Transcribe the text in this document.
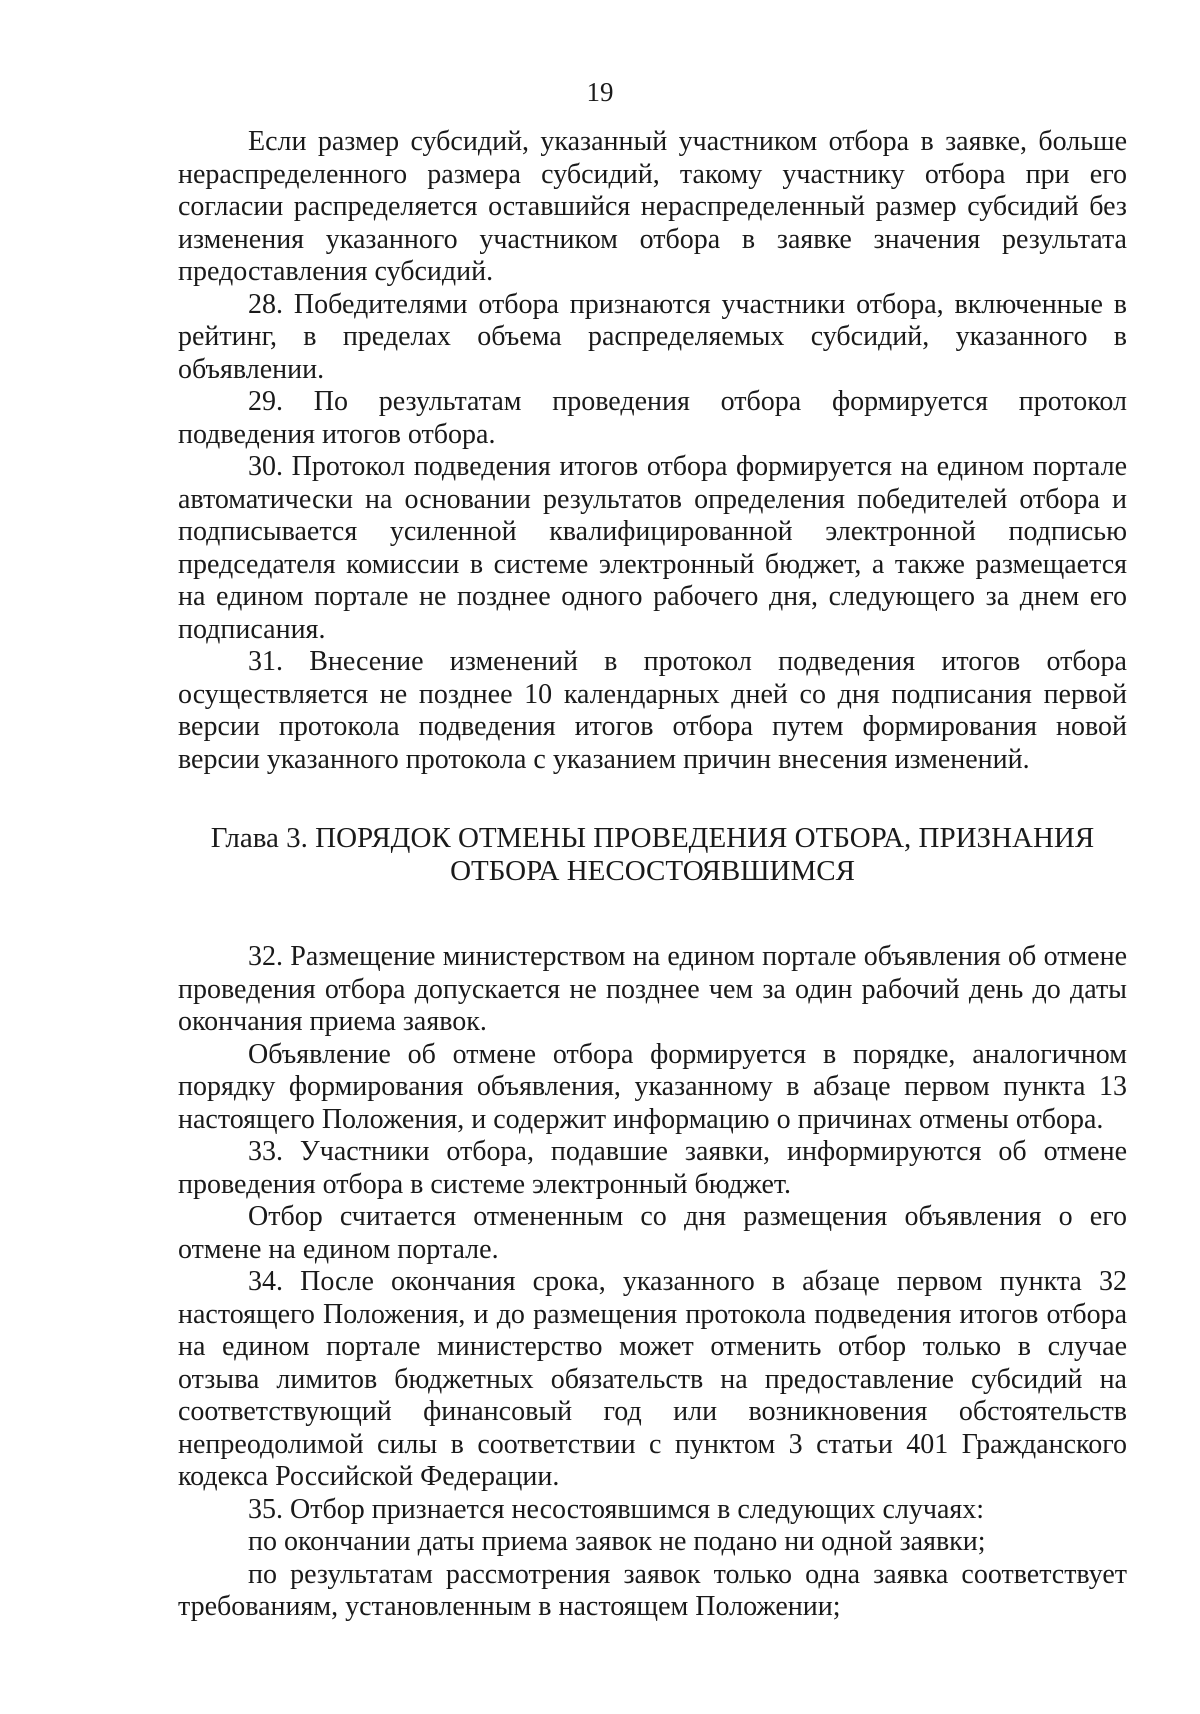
19

Если размер субсидий, указанный участником отбора в заявке, больше нераспределенного размера субсидий, такому участнику отбора при его согласии распределяется оставшийся нераспределенный размер субсидий без изменения указанного участником отбора в заявке значения результата предоставления субсидий.

28. Победителями отбора признаются участники отбора, включенные в рейтинг, в пределах объема распределяемых субсидий, указанного в объявлении.

29. По результатам проведения отбора формируется протокол подведения итогов отбора.

30. Протокол подведения итогов отбора формируется на едином портале автоматически на основании результатов определения победителей отбора и подписывается усиленной квалифицированной электронной подписью председателя комиссии в системе электронный бюджет, а также размещается на едином портале не позднее одного рабочего дня, следующего за днем его подписания.

31. Внесение изменений в протокол подведения итогов отбора осуществляется не позднее 10 календарных дней со дня подписания первой версии протокола подведения итогов отбора путем формирования новой версии указанного протокола с указанием причин внесения изменений.

Глава 3. ПОРЯДОК ОТМЕНЫ ПРОВЕДЕНИЯ ОТБОРА, ПРИЗНАНИЯ
ОТБОРА НЕСОСТОЯВШИМСЯ

32. Размещение министерством на едином портале объявления об отмене проведения отбора допускается не позднее чем за один рабочий день до даты окончания приема заявок.

Объявление об отмене отбора формируется в порядке, аналогичном порядку формирования объявления, указанному в абзаце первом пункта 13 настоящего Положения, и содержит информацию о причинах отмены отбора.

33. Участники отбора, подавшие заявки, информируются об отмене проведения отбора в системе электронный бюджет.

Отбор считается отмененным со дня размещения объявления о его отмене на едином портале.

34. После окончания срока, указанного в абзаце первом пункта 32 настоящего Положения, и до размещения протокола подведения итогов отбора на едином портале министерство может отменить отбор только в случае отзыва лимитов бюджетных обязательств на предоставление субсидий на соответствующий финансовый год или возникновения обстоятельств непреодолимой силы в соответствии с пунктом 3 статьи 401 Гражданского кодекса Российской Федерации.

35. Отбор признается несостоявшимся в следующих случаях:

по окончании даты приема заявок не подано ни одной заявки;

по результатам рассмотрения заявок только одна заявка соответствует требованиям, установленным в настоящем Положении;
